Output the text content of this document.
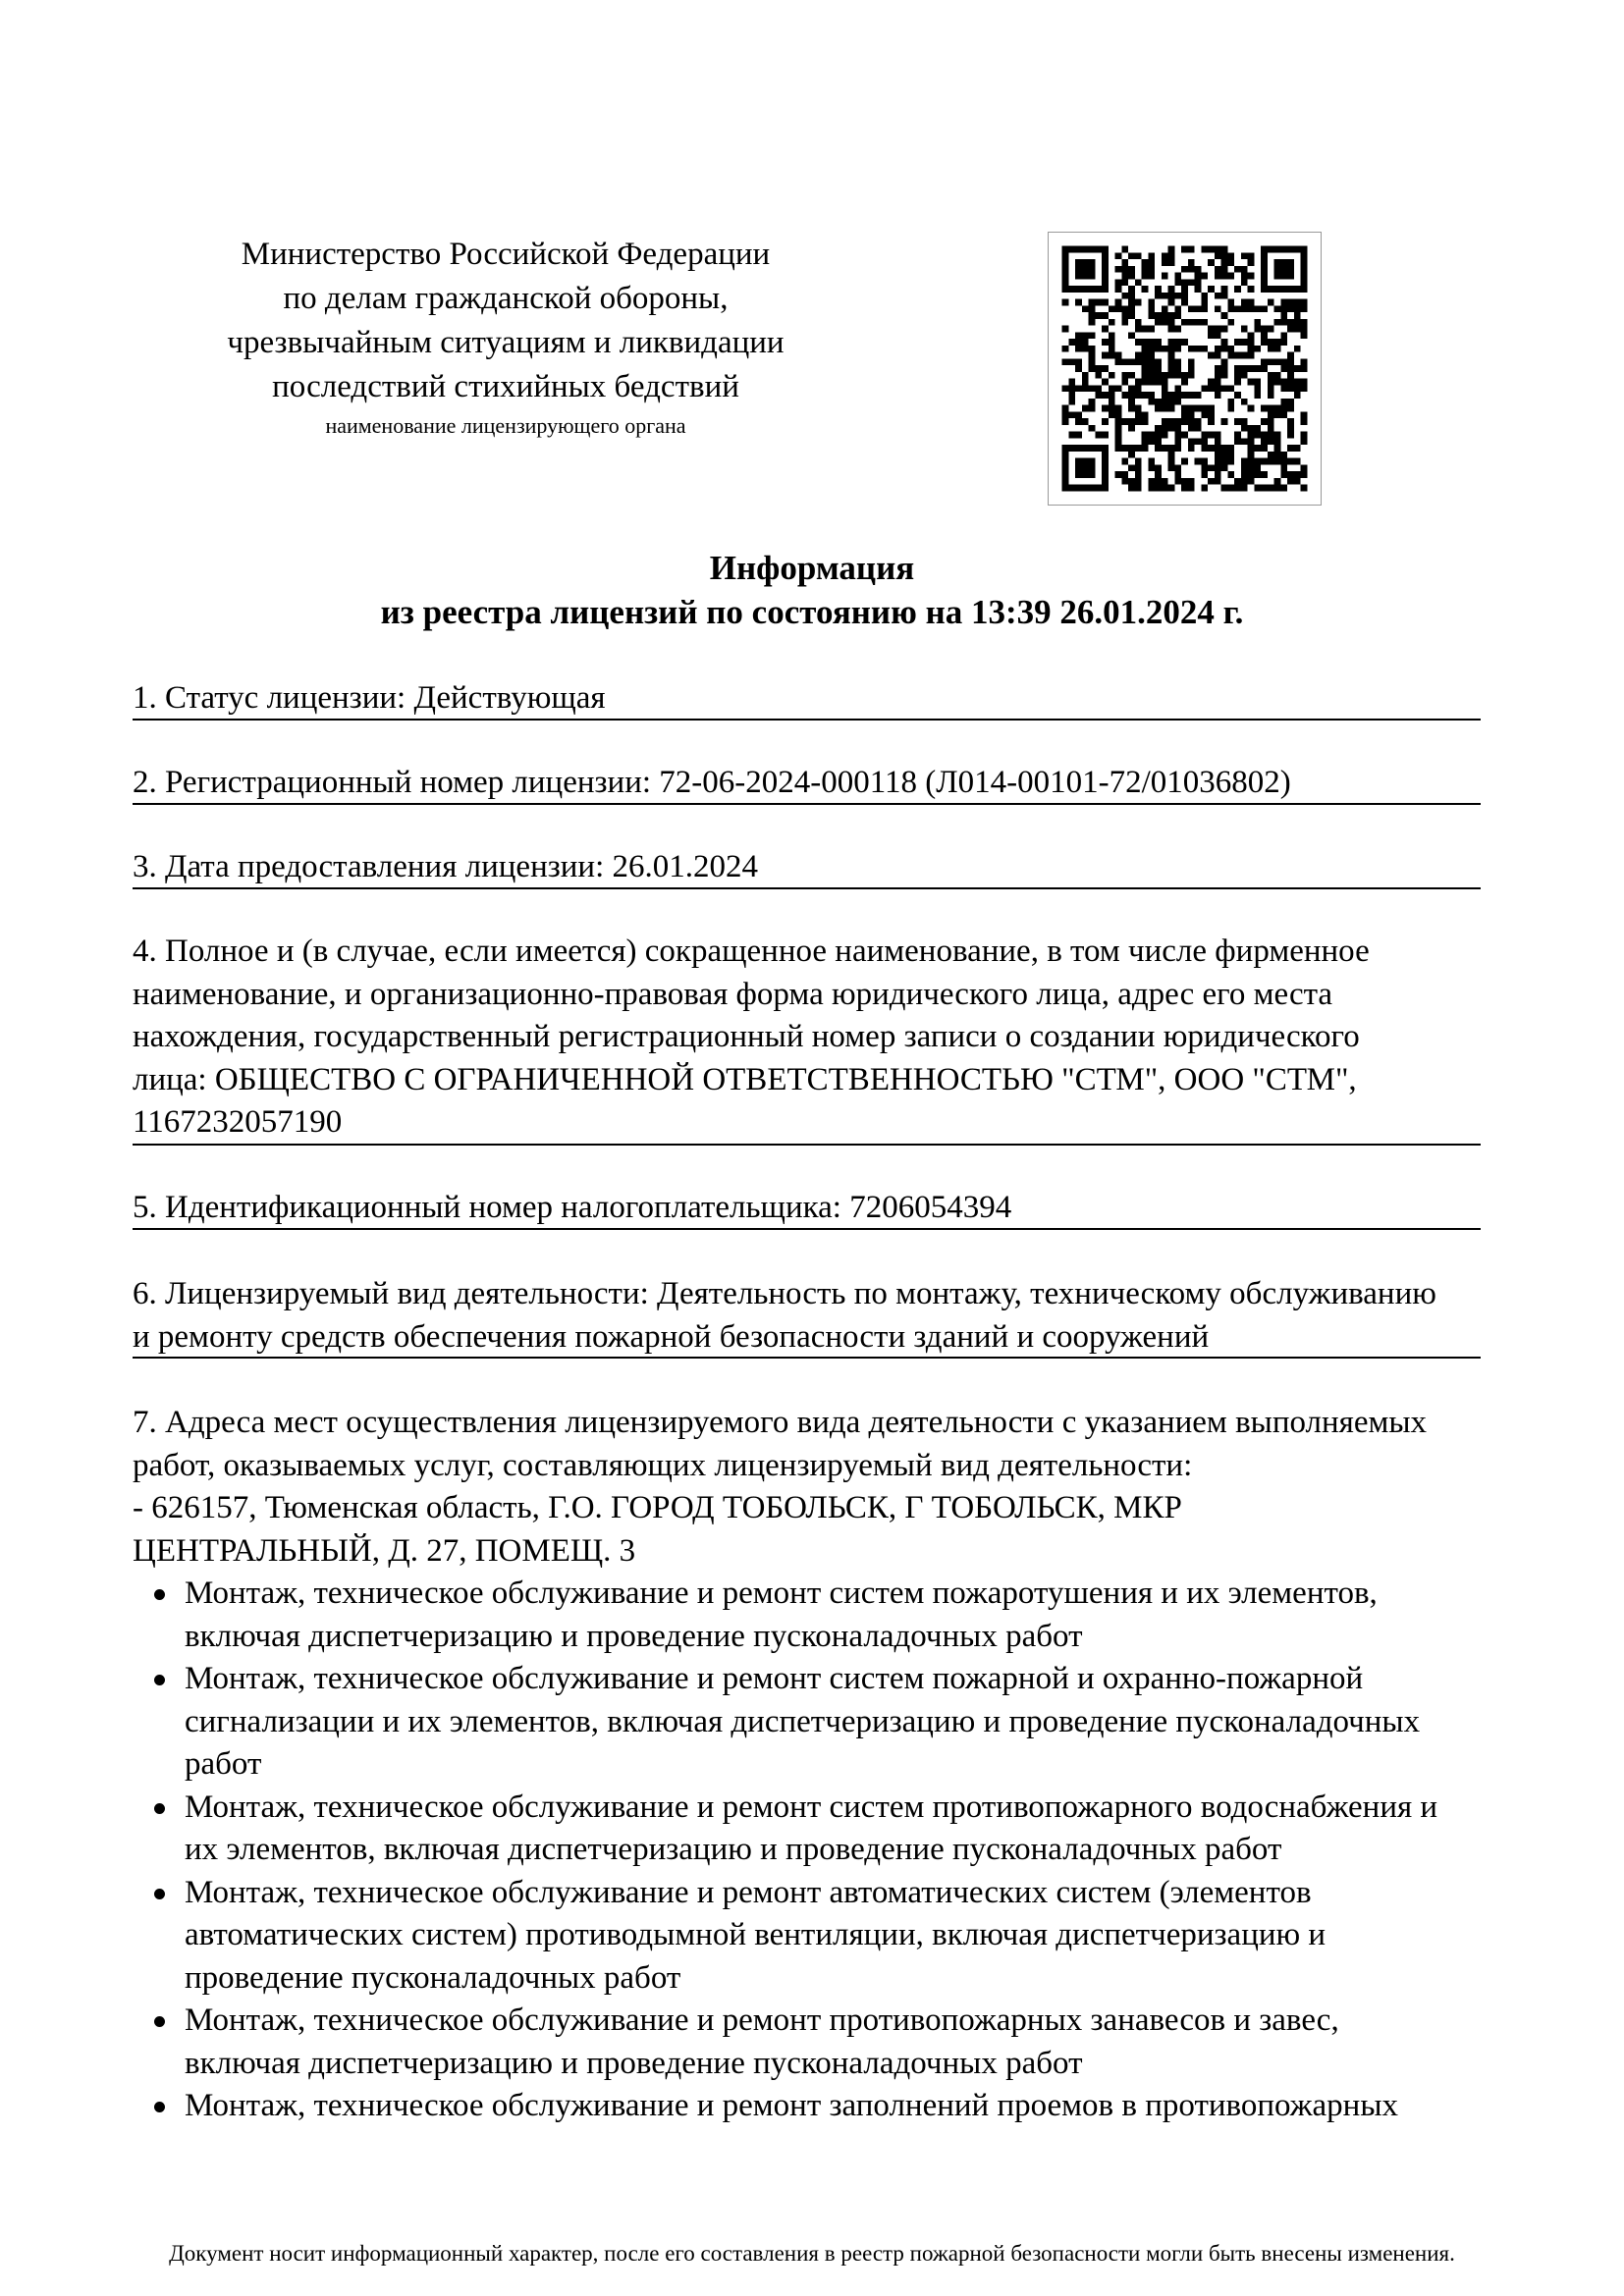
Министерство Российской Федерации
по делам гражданской обороны,
чрезвычайным ситуациям и ликвидации
последствий стихийных бедствий
наименование лицензирующего органа
Информация
из реестра лицензий по состоянию на 13:39 26.01.2024 г.
1. Статус лицензии: Действующая
2. Регистрационный номер лицензии: 72-06-2024-000118 (Л014-00101-72/01036802)
3. Дата предоставления лицензии: 26.01.2024
4. Полное и (в случае, если имеется) сокращенное наименование, в том числе фирменное
наименование, и организационно-правовая форма юридического лица, адрес его места
нахождения, государственный регистрационный номер записи о создании юридического
лица: ОБЩЕСТВО С ОГРАНИЧЕННОЙ ОТВЕТСТВЕННОСТЬЮ "СТМ", ООО "СТМ",
1167232057190
5. Идентификационный номер налогоплательщика: 7206054394
6. Лицензируемый вид деятельности: Деятельность по монтажу, техническому обслуживанию
и ремонту средств обеспечения пожарной безопасности зданий и сооружений
7. Адреса мест осуществления лицензируемого вида деятельности с указанием выполняемых
работ, оказываемых услуг, составляющих лицензируемый вид деятельности:
- 626157, Тюменская область, Г.О. ГОРОД ТОБОЛЬСК, Г ТОБОЛЬСК, МКР
ЦЕНТРАЛЬНЫЙ, Д. 27, ПОМЕЩ. 3
Монтаж, техническое обслуживание и ремонт систем пожаротушения и их элементов,
включая диспетчеризацию и проведение пусконаладочных работ
Монтаж, техническое обслуживание и ремонт систем пожарной и охранно-пожарной
сигнализации и их элементов, включая диспетчеризацию и проведение пусконаладочных
работ
Монтаж, техническое обслуживание и ремонт систем противопожарного водоснабжения и
их элементов, включая диспетчеризацию и проведение пусконаладочных работ
Монтаж, техническое обслуживание и ремонт автоматических систем (элементов
автоматических систем) противодымной вентиляции, включая диспетчеризацию и
проведение пусконаладочных работ
Монтаж, техническое обслуживание и ремонт противопожарных занавесов и завес,
включая диспетчеризацию и проведение пусконаладочных работ
Монтаж, техническое обслуживание и ремонт заполнений проемов в противопожарных
Документ носит информационный характер, после его составления в реестр пожарной безопасности могли быть внесены изменения.
